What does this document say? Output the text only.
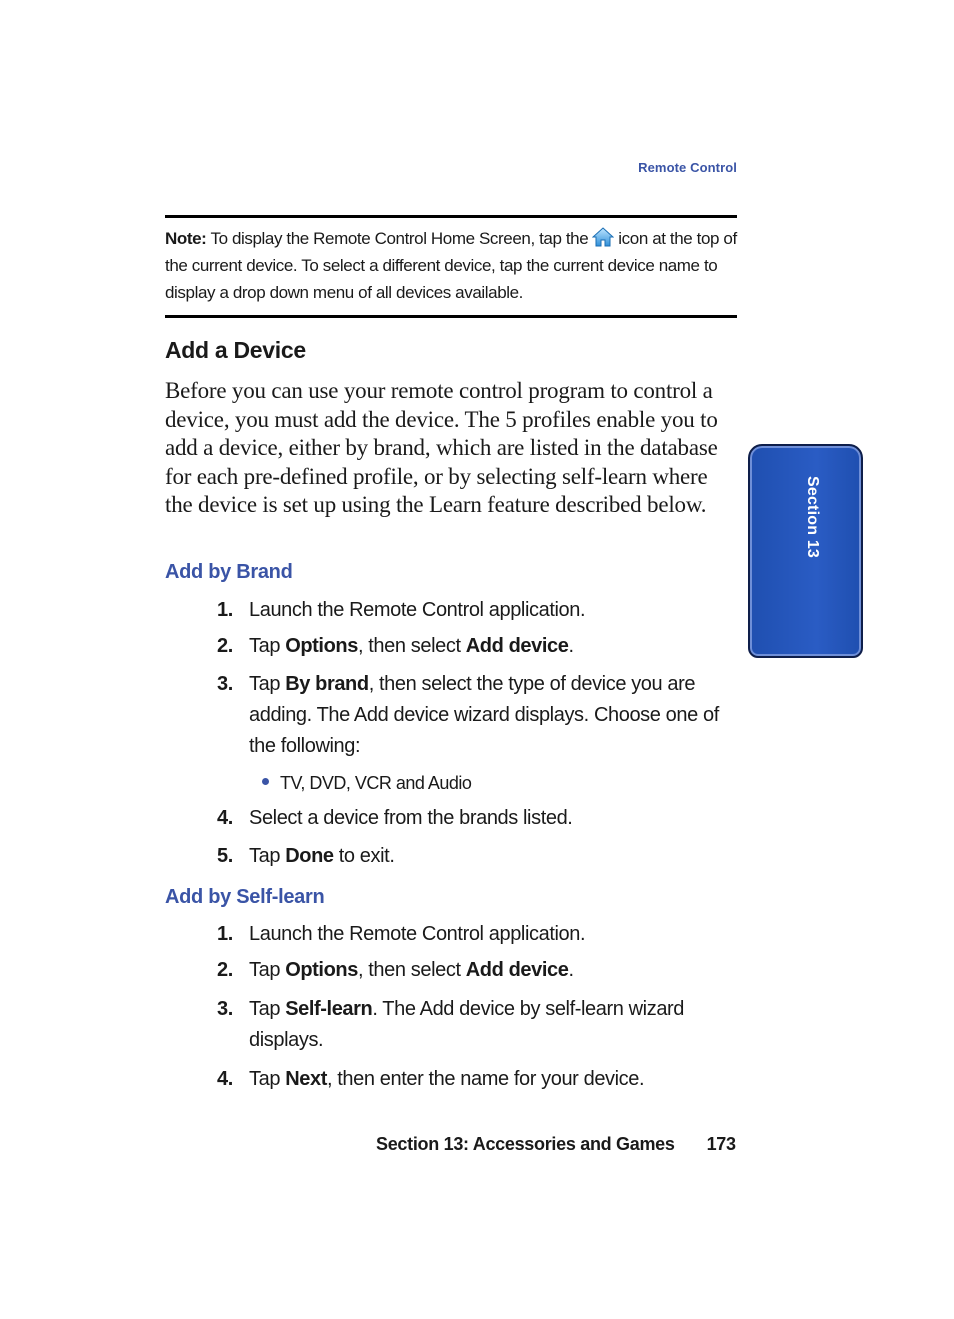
Remote Control

Note: To display the Remote Control Home Screen, tap the icon at the top of the current device. To select a different device, tap the current device name to display a drop down menu of all devices available.

Add a Device

Before you can use your remote control program to control a device, you must add the device. The 5 profiles enable you to add a device, either by brand, which are listed in the database for each pre-defined profile, or by selecting self-learn where the device is set up using the Learn feature described below.

Add by Brand
1. Launch the Remote Control application.
2. Tap Options, then select Add device.
3. Tap By brand, then select the type of device you are adding. The Add device wizard displays. Choose one of the following:
TV, DVD, VCR and Audio
4. Select a device from the brands listed.
5. Tap Done to exit.
Add by Self-learn
1. Launch the Remote Control application.
2. Tap Options, then select Add device.
3. Tap Self-learn. The Add device by self-learn wizard displays.
4. Tap Next, then enter the name for your device.
Section 13
Section 13: Accessories and Games 173
